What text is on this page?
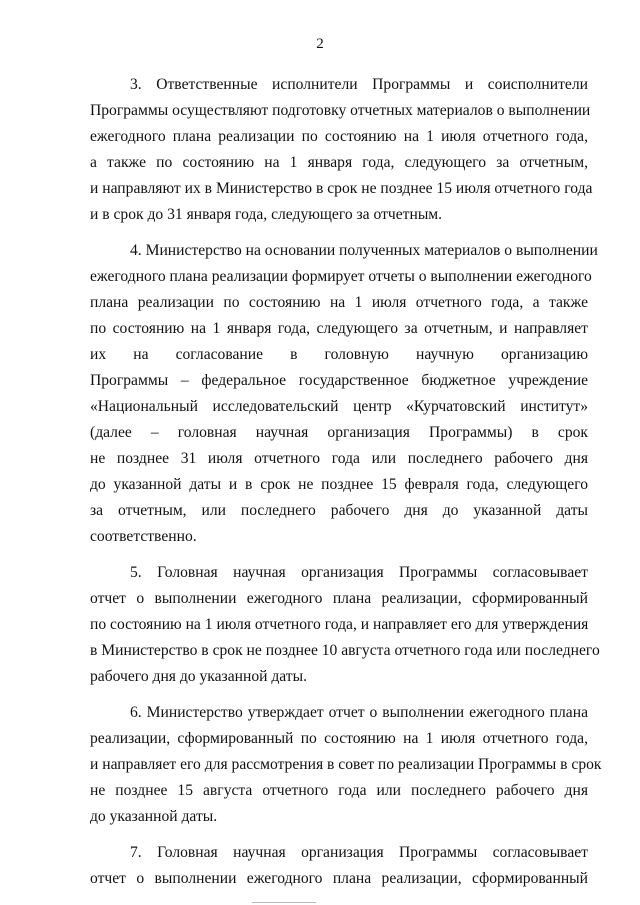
2

3. Ответственные исполнители Программы и соисполнители
Программы осуществляют подготовку отчетных материалов о выполнении
ежегодного плана реализации по состоянию на 1 июля отчетного года,
а также по состоянию на 1 января года, следующего за отчетным,
и направляют их в Министерство в срок не позднее 15 июля отчетного года
и в срок до 31 января года, следующего за отчетным.

4. Министерство на основании полученных материалов о выполнении
ежегодного плана реализации формирует отчеты о выполнении ежегодного
плана реализации по состоянию на 1 июля отчетного года, а также
по состоянию на 1 января года, следующего за отчетным, и направляет
их на согласование в головную научную организацию
Программы – федеральное государственное бюджетное учреждение
«Национальный исследовательский центр «Курчатовский институт»
(далее – головная научная организация Программы) в срок
не позднее 31 июля отчетного года или последнего рабочего дня
до указанной даты и в срок не позднее 15 февраля года, следующего
за отчетным, или последнего рабочего дня до указанной даты
соответственно.

5. Головная научная организация Программы согласовывает
отчет о выполнении ежегодного плана реализации, сформированный
по состоянию на 1 июля отчетного года, и направляет его для утверждения
в Министерство в срок не позднее 10 августа отчетного года или последнего
рабочего дня до указанной даты.

6. Министерство утверждает отчет о выполнении ежегодного плана
реализации, сформированный по состоянию на 1 июля отчетного года,
и направляет его для рассмотрения в совет по реализации Программы в срок
не позднее 15 августа отчетного года или последнего рабочего дня
до указанной даты.

7. Головная научная организация Программы согласовывает
отчет о выполнении ежегодного плана реализации, сформированный
